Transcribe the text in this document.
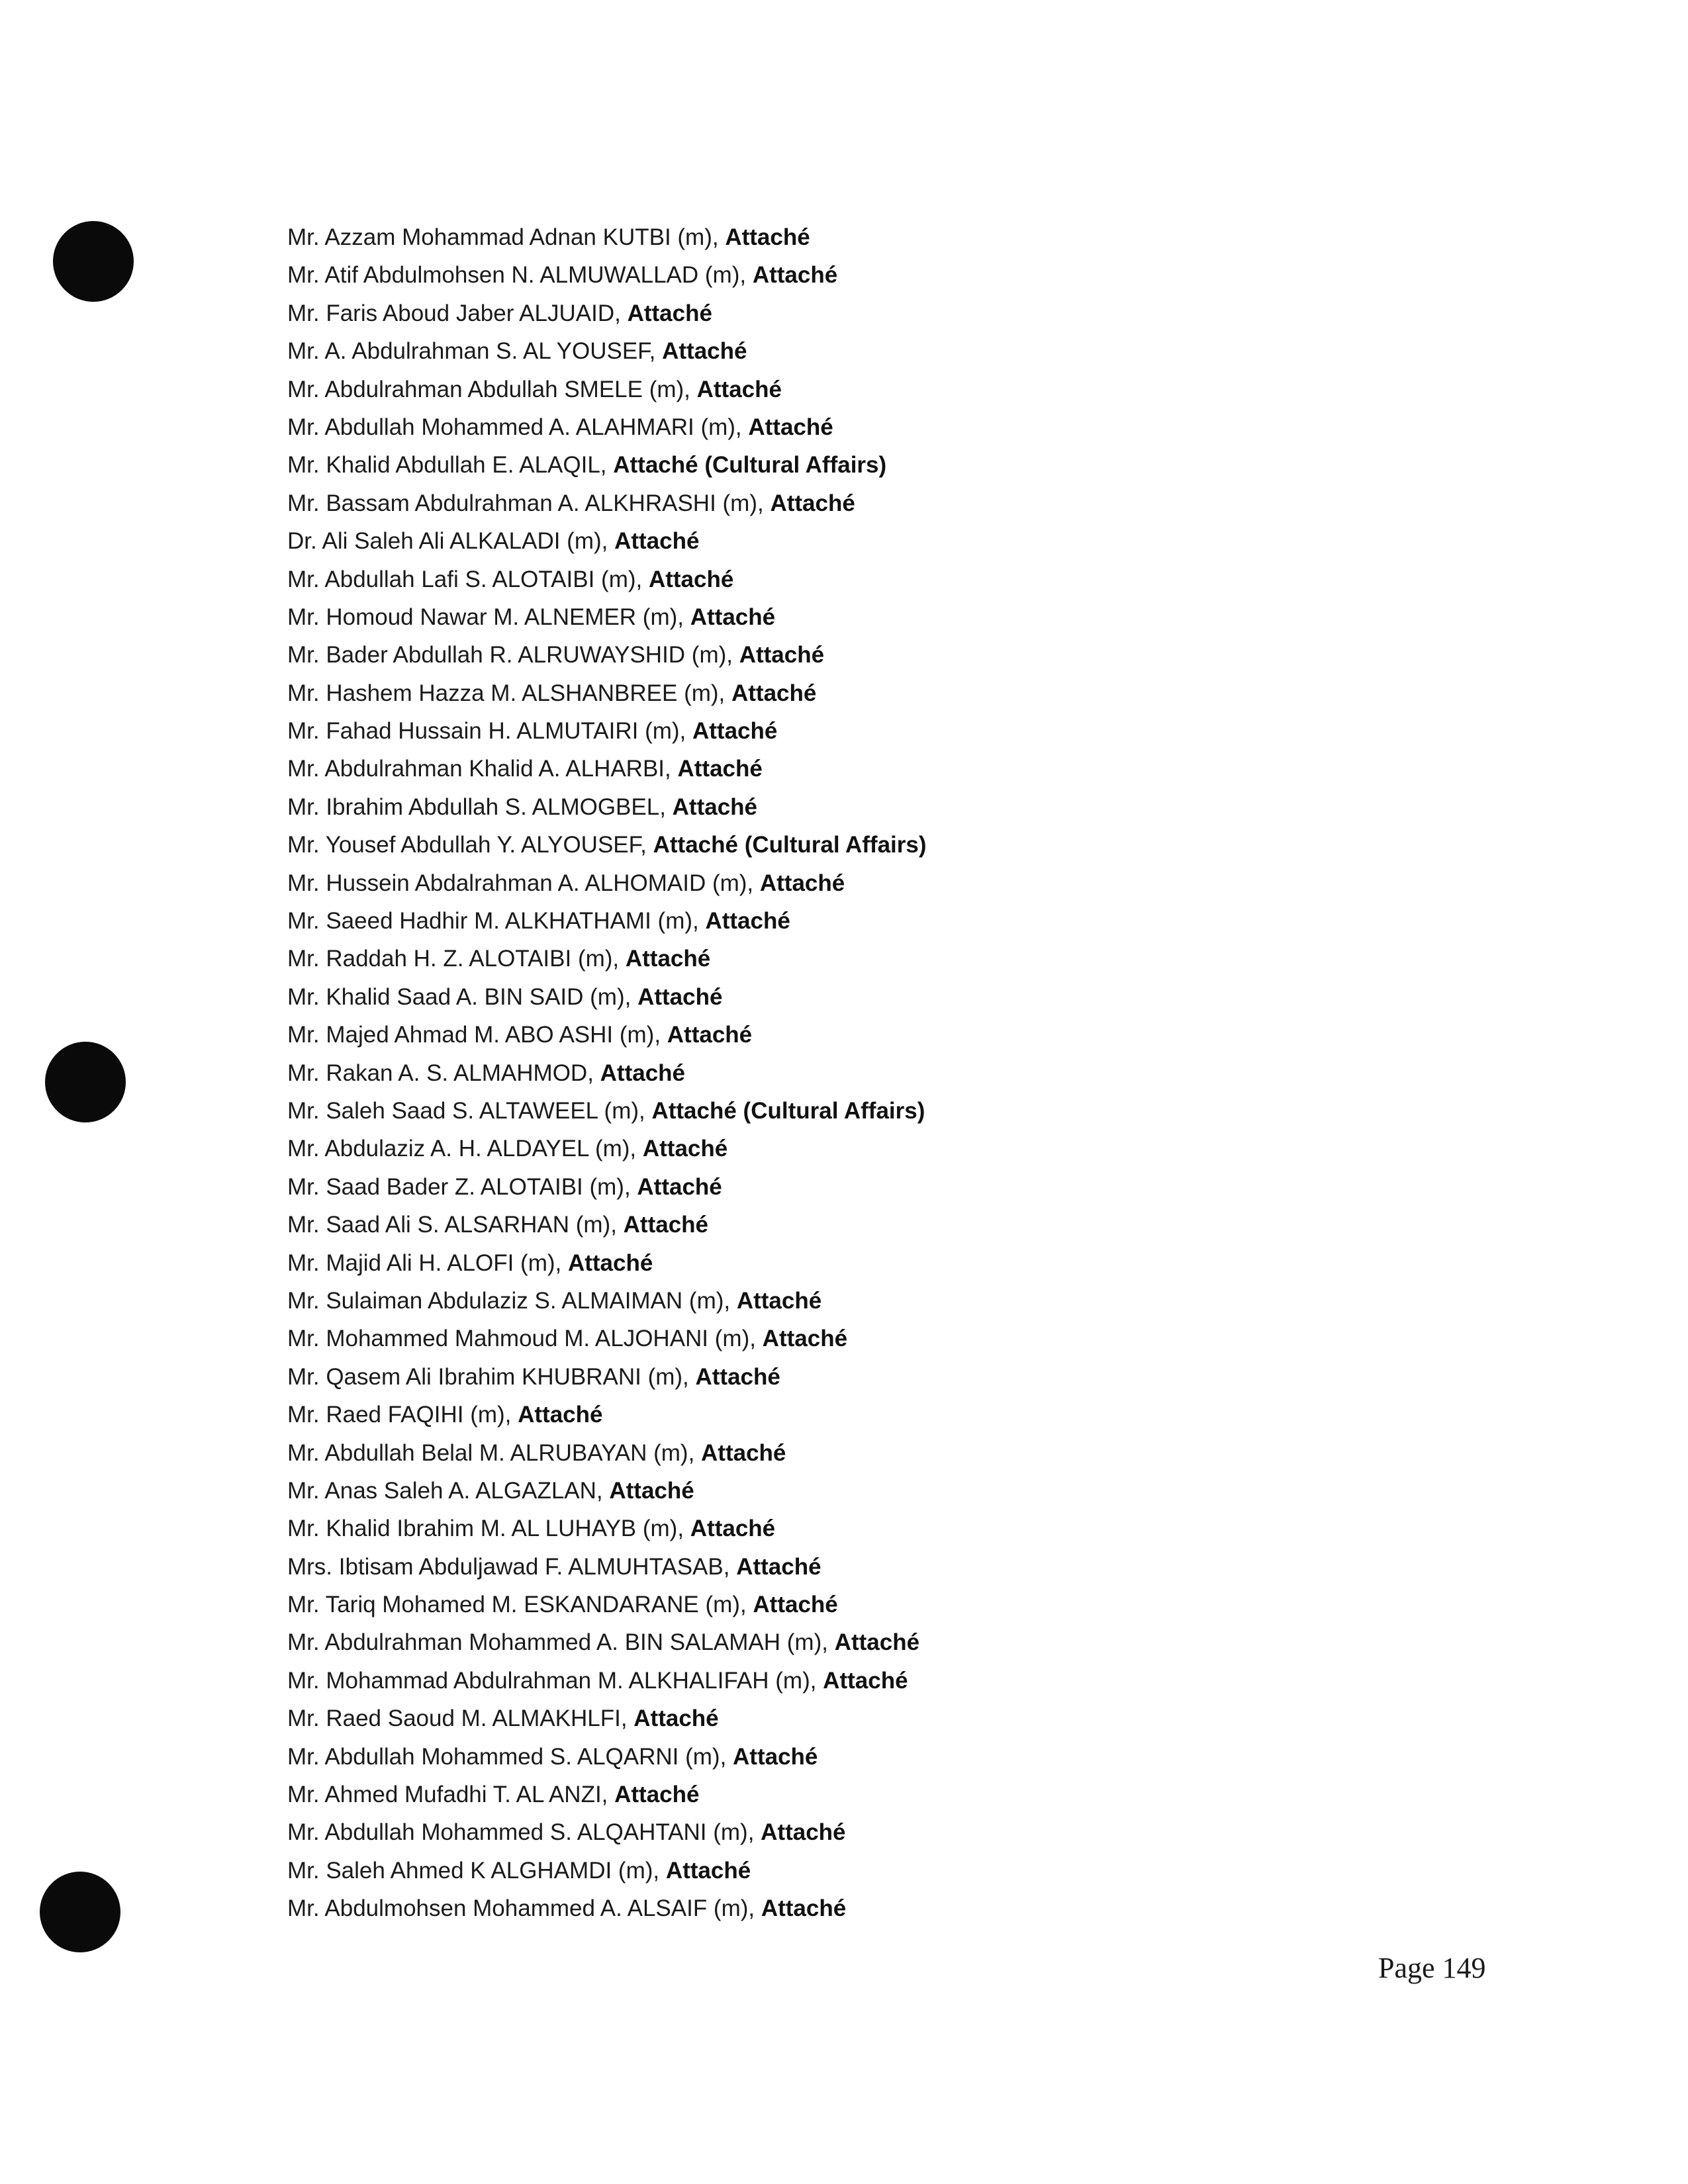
Mr. Azzam Mohammad Adnan KUTBI (m), Attaché
Mr. Atif Abdulmohsen N. ALMUWALLAD (m), Attaché
Mr. Faris Aboud Jaber ALJUAID, Attaché
Mr. A. Abdulrahman S. AL YOUSEF, Attaché
Mr. Abdulrahman Abdullah SMELE (m), Attaché
Mr. Abdullah Mohammed A. ALAHMARI (m), Attaché
Mr. Khalid Abdullah E. ALAQIL, Attaché (Cultural Affairs)
Mr. Bassam Abdulrahman A. ALKHRASHI (m), Attaché
Dr. Ali Saleh Ali ALKALADI (m), Attaché
Mr. Abdullah Lafi S. ALOTAIBI (m), Attaché
Mr. Homoud Nawar M. ALNEMER (m), Attaché
Mr. Bader Abdullah R. ALRUWAYSHID (m), Attaché
Mr. Hashem Hazza M. ALSHANBREE (m), Attaché
Mr. Fahad Hussain H. ALMUTAIRI (m), Attaché
Mr. Abdulrahman Khalid A. ALHARBI, Attaché
Mr. Ibrahim Abdullah S. ALMOGBEL, Attaché
Mr. Yousef Abdullah Y. ALYOUSEF, Attaché (Cultural Affairs)
Mr. Hussein Abdalrahman A. ALHOMAID (m), Attaché
Mr. Saeed Hadhir M. ALKHATHAMI (m), Attaché
Mr. Raddah H. Z. ALOTAIBI (m), Attaché
Mr. Khalid Saad A. BIN SAID (m), Attaché
Mr. Majed Ahmad M. ABO ASHI (m), Attaché
Mr. Rakan A. S. ALMAHMOD, Attaché
Mr. Saleh Saad S. ALTAWEEL (m), Attaché (Cultural Affairs)
Mr. Abdulaziz A. H. ALDAYEL (m), Attaché
Mr. Saad Bader Z. ALOTAIBI (m), Attaché
Mr. Saad Ali S. ALSARHAN (m), Attaché
Mr. Majid Ali H. ALOFI (m), Attaché
Mr. Sulaiman Abdulaziz S. ALMAIMAN (m), Attaché
Mr. Mohammed Mahmoud M. ALJOHANI (m), Attaché
Mr. Qasem Ali Ibrahim KHUBRANI (m), Attaché
Mr. Raed FAQIHI (m), Attaché
Mr. Abdullah Belal M. ALRUBAYAN (m), Attaché
Mr. Anas Saleh A. ALGAZLAN, Attaché
Mr. Khalid Ibrahim M. AL LUHAYB (m), Attaché
Mrs. Ibtisam Abduljawad F. ALMUHTASAB, Attaché
Mr. Tariq Mohamed M. ESKANDARANE (m), Attaché
Mr. Abdulrahman Mohammed A. BIN SALAMAH (m), Attaché
Mr. Mohammad Abdulrahman M. ALKHALIFAH (m), Attaché
Mr. Raed Saoud M. ALMAKHLFI, Attaché
Mr. Abdullah Mohammed S. ALQARNI (m), Attaché
Mr. Ahmed Mufadhi T. AL ANZI, Attaché
Mr. Abdullah Mohammed S. ALQAHTANI (m), Attaché
Mr. Saleh Ahmed K ALGHAMDI (m), Attaché
Mr. Abdulmohsen Mohammed A. ALSAIF (m), Attaché
Page 149
